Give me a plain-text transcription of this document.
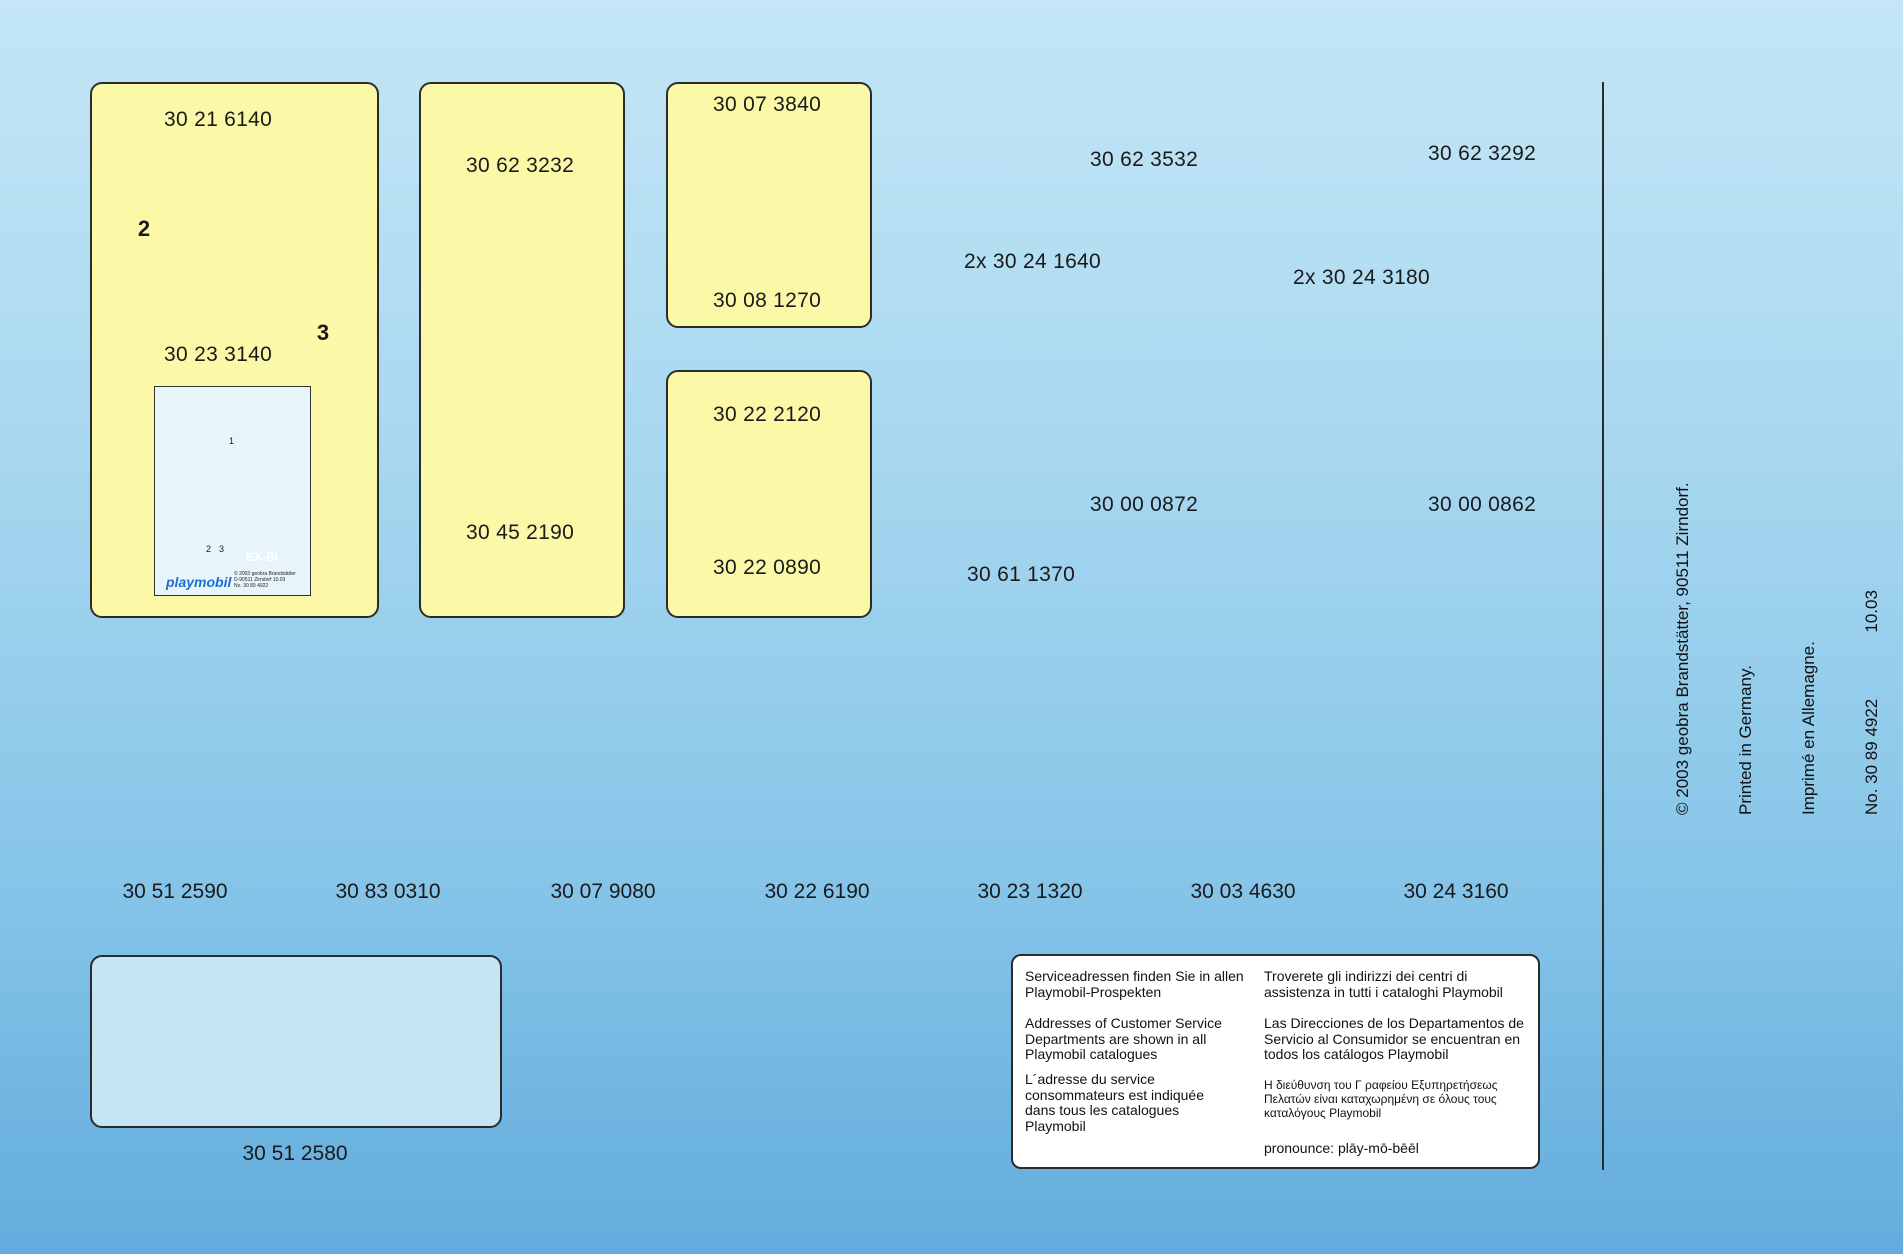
30 21 6140
2
3
30 23 3140
1
2 3
EX-BI
playmobil © 2003 geobra Brandstätter
D-90511 Zirndorf 10.03
No. 30 89 4922
30 62 3232
30 45 2190
30 07 3840
30 08 1270
30 22 2120
30 22 0890
30 62 3532
2x 30 24 1640
30 00 0872
30 61 1370
30 62 3292
2x 30 24 3180
30 00 0862
30 51 2590	30 83 0310	30 07 9080	30 22 6190	30 23 1320	30 03 4630	30 24 3160
30 51 2580
Serviceadressen finden Sie in allen Playmobil-Prospekten
Addresses of Customer Service Departments are shown in all Playmobil catalogues
L´adresse du service consommateurs est indiquée dans tous les catalogues Playmobil
Troverete gli indirizzi dei centri di assistenza in tutti i cataloghi Playmobil
Las Direcciones de los Departamentos de Servicio al Consumidor se encuentran en todos los catálogos Playmobil
Η διεύθυνση του Γ ραφείου Εξυπηρετήσεως Πελατών είναι καταχωρημένη σε όλους τους καταλόγους Playmobil
pronounce: plāy-mō-bēēl

© 2003 geobra Brandstätter, 90511 Zirndorf.

	Printed in Germany.

	Imprimé en Allemagne.

	No. 30 89 4922              10.03
